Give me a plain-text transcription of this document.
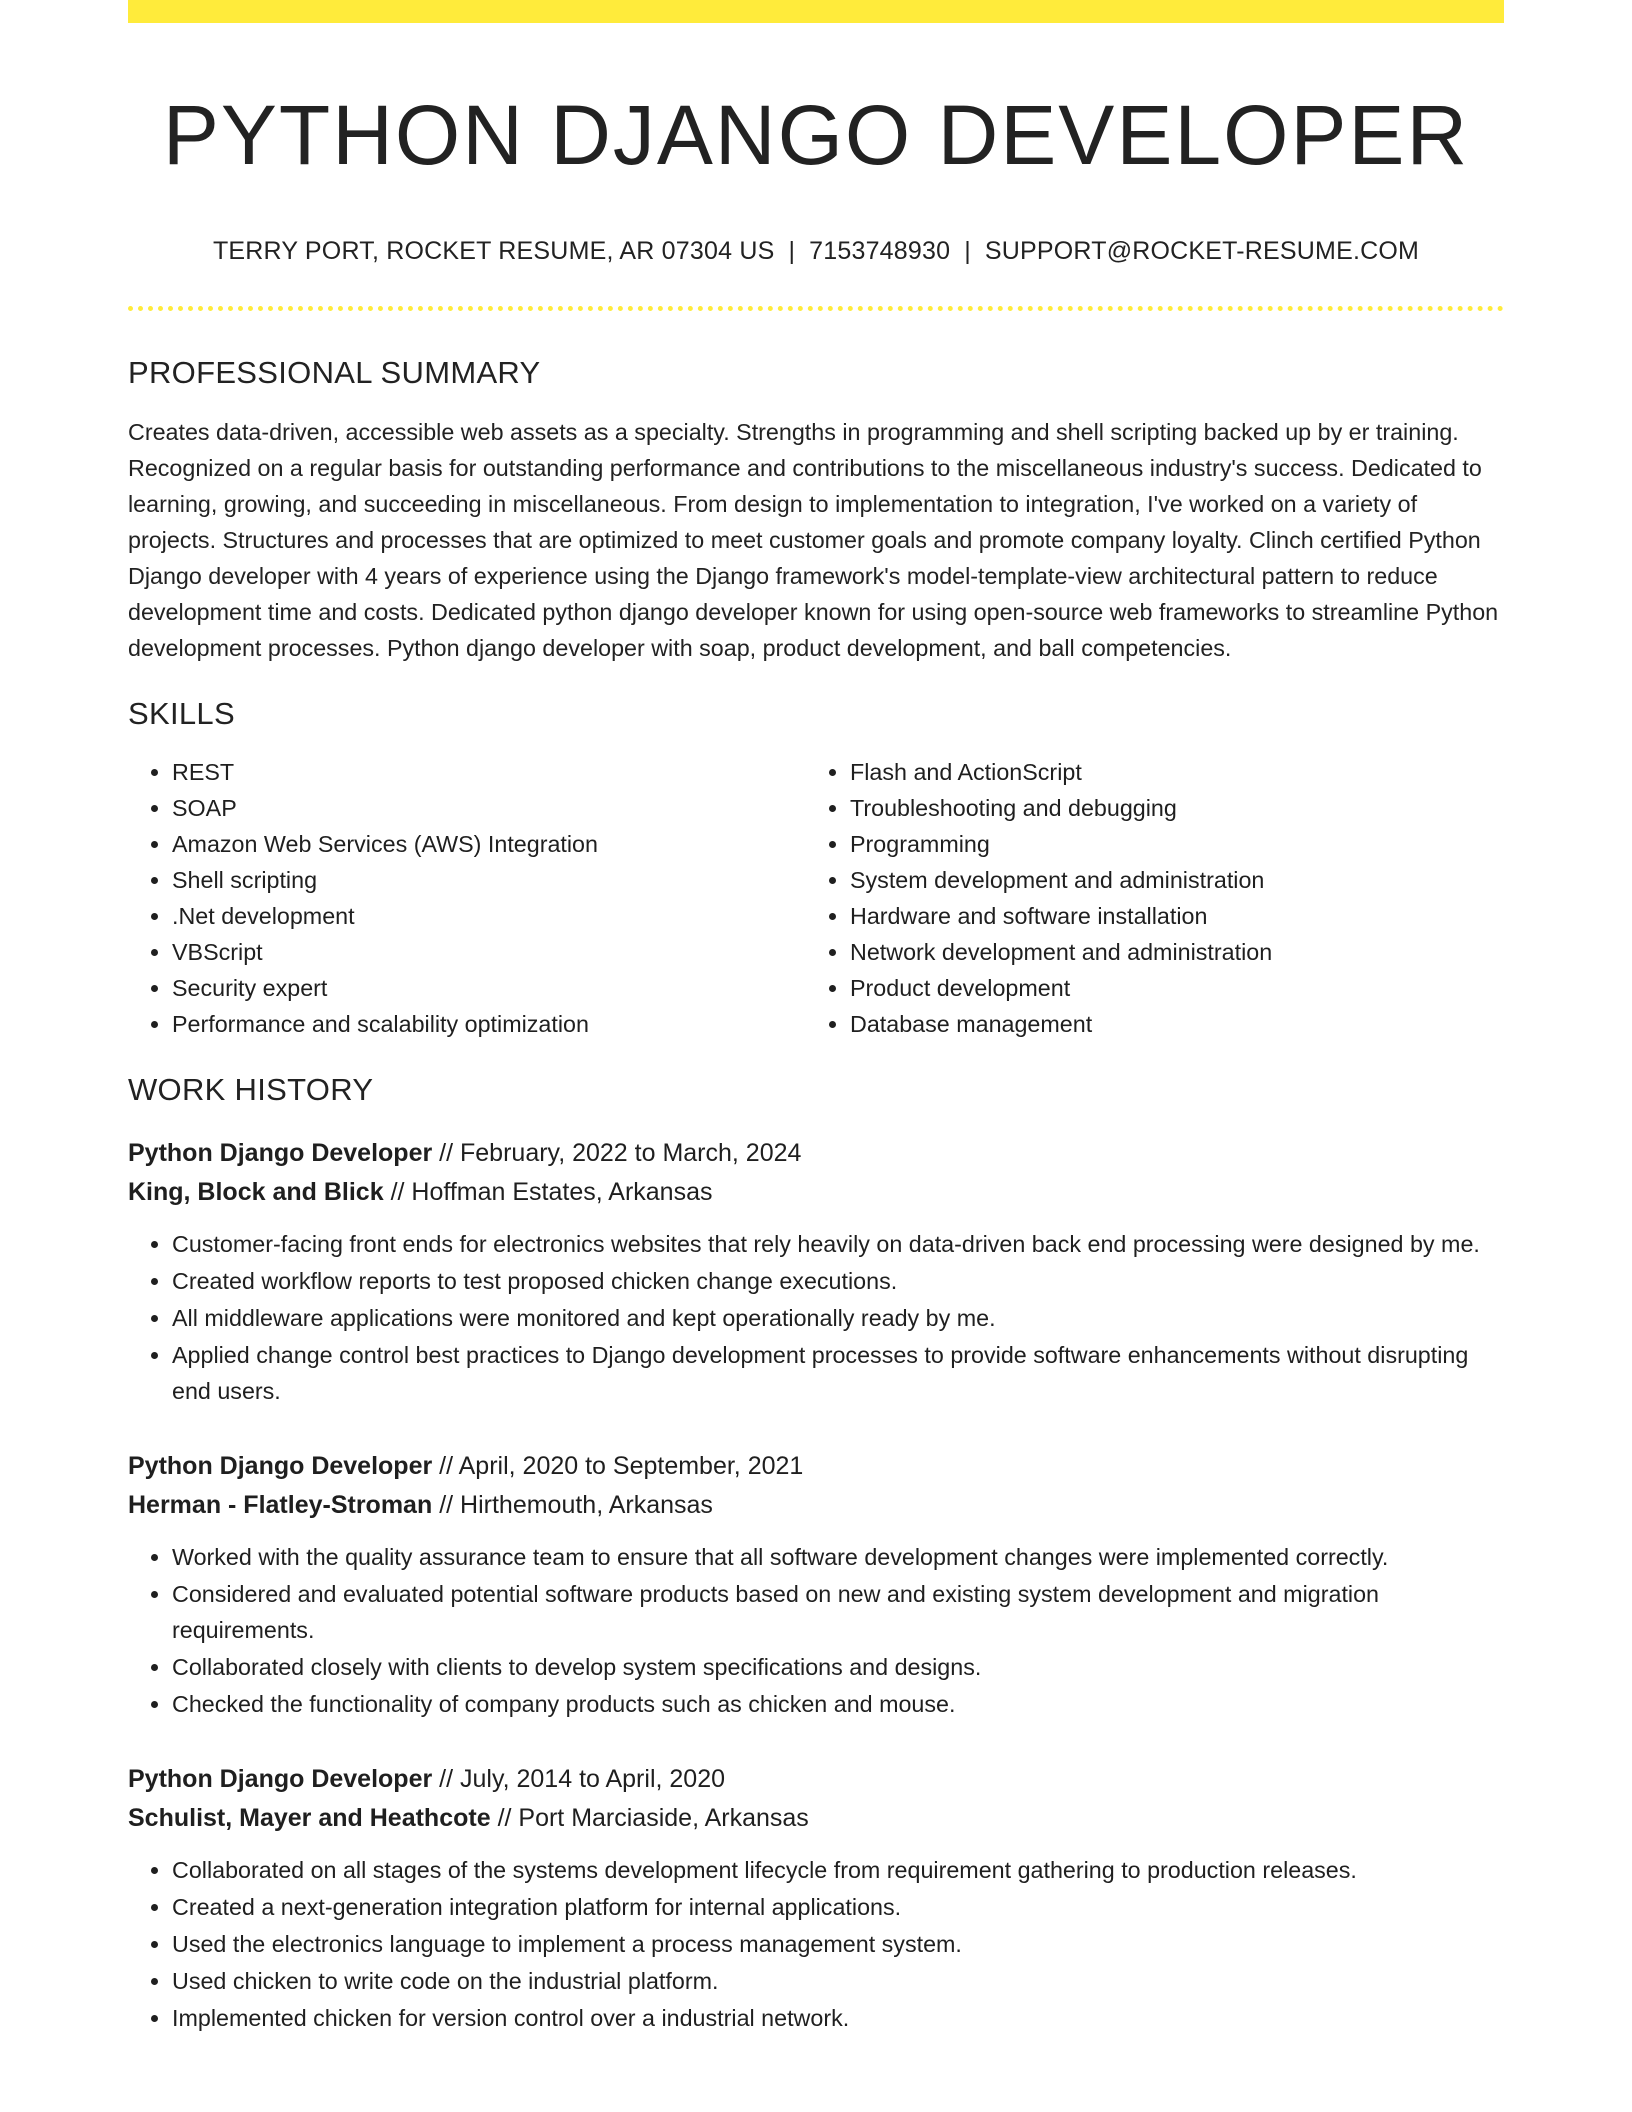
PYTHON DJANGO DEVELOPER
TERRY PORT, ROCKET RESUME, AR 07304 US | 7153748930 | SUPPORT@ROCKET-RESUME.COM
PROFESSIONAL SUMMARY

Creates data-driven, accessible web assets as a specialty. Strengths in programming and shell scripting backed up by er training. Recognized on a regular basis for outstanding performance and contributions to the miscellaneous industry's success. Dedicated to learning, growing, and succeeding in miscellaneous. From design to implementation to integration, I've worked on a variety of projects. Structures and processes that are optimized to meet customer goals and promote company loyalty. Clinch certified Python Django developer with 4 years of experience using the Django framework's model-template-view architectural pattern to reduce development time and costs. Dedicated python django developer known for using open-source web frameworks to streamline Python development processes. Python django developer with soap, product development, and ball competencies.

SKILLS
• REST
• SOAP
• Amazon Web Services (AWS) Integration
• Shell scripting
• .Net development
• VBScript
• Security expert
• Performance and scalability optimization
• Flash and ActionScript
• Troubleshooting and debugging
• Programming
• System development and administration
• Hardware and software installation
• Network development and administration
• Product development
• Database management
WORK HISTORY
Python Django Developer // February, 2022 to March, 2024
King, Block and Blick // Hoffman Estates, Arkansas
• Customer-facing front ends for electronics websites that rely heavily on data-driven back end processing were designed by me.
• Created workflow reports to test proposed chicken change executions.
• All middleware applications were monitored and kept operationally ready by me.
• Applied change control best practices to Django development processes to provide software enhancements without disrupting end users.
Python Django Developer // April, 2020 to September, 2021
Herman - Flatley-Stroman // Hirthemouth, Arkansas
• Worked with the quality assurance team to ensure that all software development changes were implemented correctly.
• Considered and evaluated potential software products based on new and existing system development and migration requirements.
• Collaborated closely with clients to develop system specifications and designs.
• Checked the functionality of company products such as chicken and mouse.
Python Django Developer // July, 2014 to April, 2020
Schulist, Mayer and Heathcote // Port Marciaside, Arkansas
• Collaborated on all stages of the systems development lifecycle from requirement gathering to production releases.
• Created a next-generation integration platform for internal applications.
• Used the electronics language to implement a process management system.
• Used chicken to write code on the industrial platform.
• Implemented chicken for version control over a industrial network.
